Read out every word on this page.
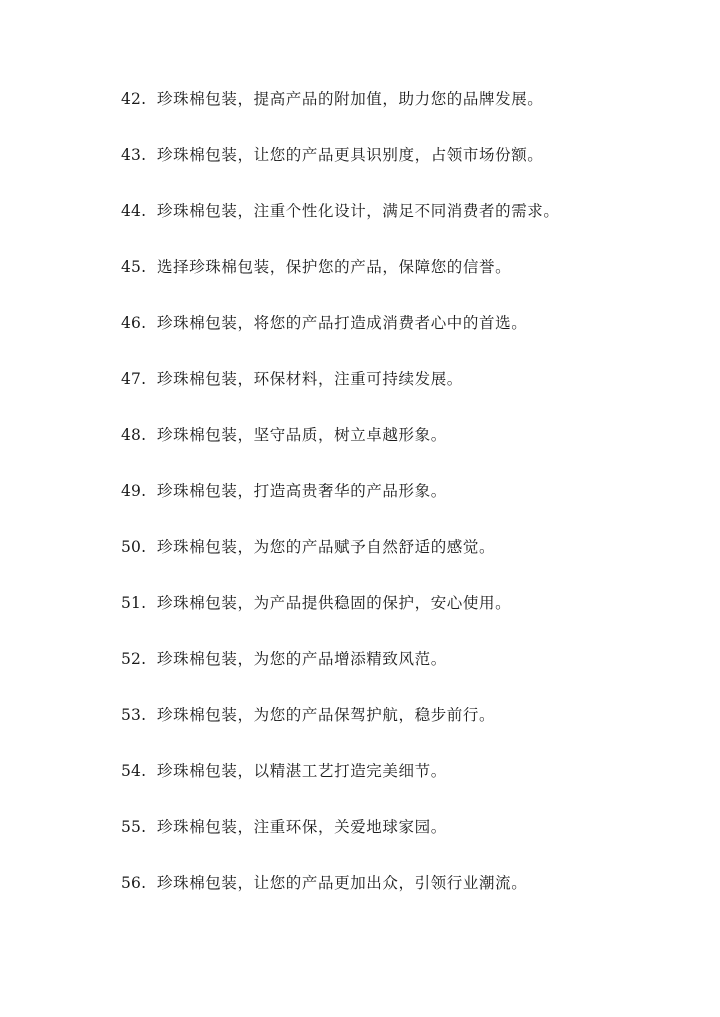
42. 珍珠棉包装，提高产品的附加值，助力您的品牌发展。
43. 珍珠棉包装，让您的产品更具识别度，占领市场份额。
44. 珍珠棉包装，注重个性化设计，满足不同消费者的需求。
45. 选择珍珠棉包装，保护您的产品，保障您的信誉。
46. 珍珠棉包装，将您的产品打造成消费者心中的首选。
47. 珍珠棉包装，环保材料，注重可持续发展。
48. 珍珠棉包装，坚守品质，树立卓越形象。
49. 珍珠棉包装，打造高贵奢华的产品形象。
50. 珍珠棉包装，为您的产品赋予自然舒适的感觉。
51. 珍珠棉包装，为产品提供稳固的保护，安心使用。
52. 珍珠棉包装，为您的产品增添精致风范。
53. 珍珠棉包装，为您的产品保驾护航，稳步前行。
54. 珍珠棉包装，以精湛工艺打造完美细节。
55. 珍珠棉包装，注重环保，关爱地球家园。
56. 珍珠棉包装，让您的产品更加出众，引领行业潮流。
